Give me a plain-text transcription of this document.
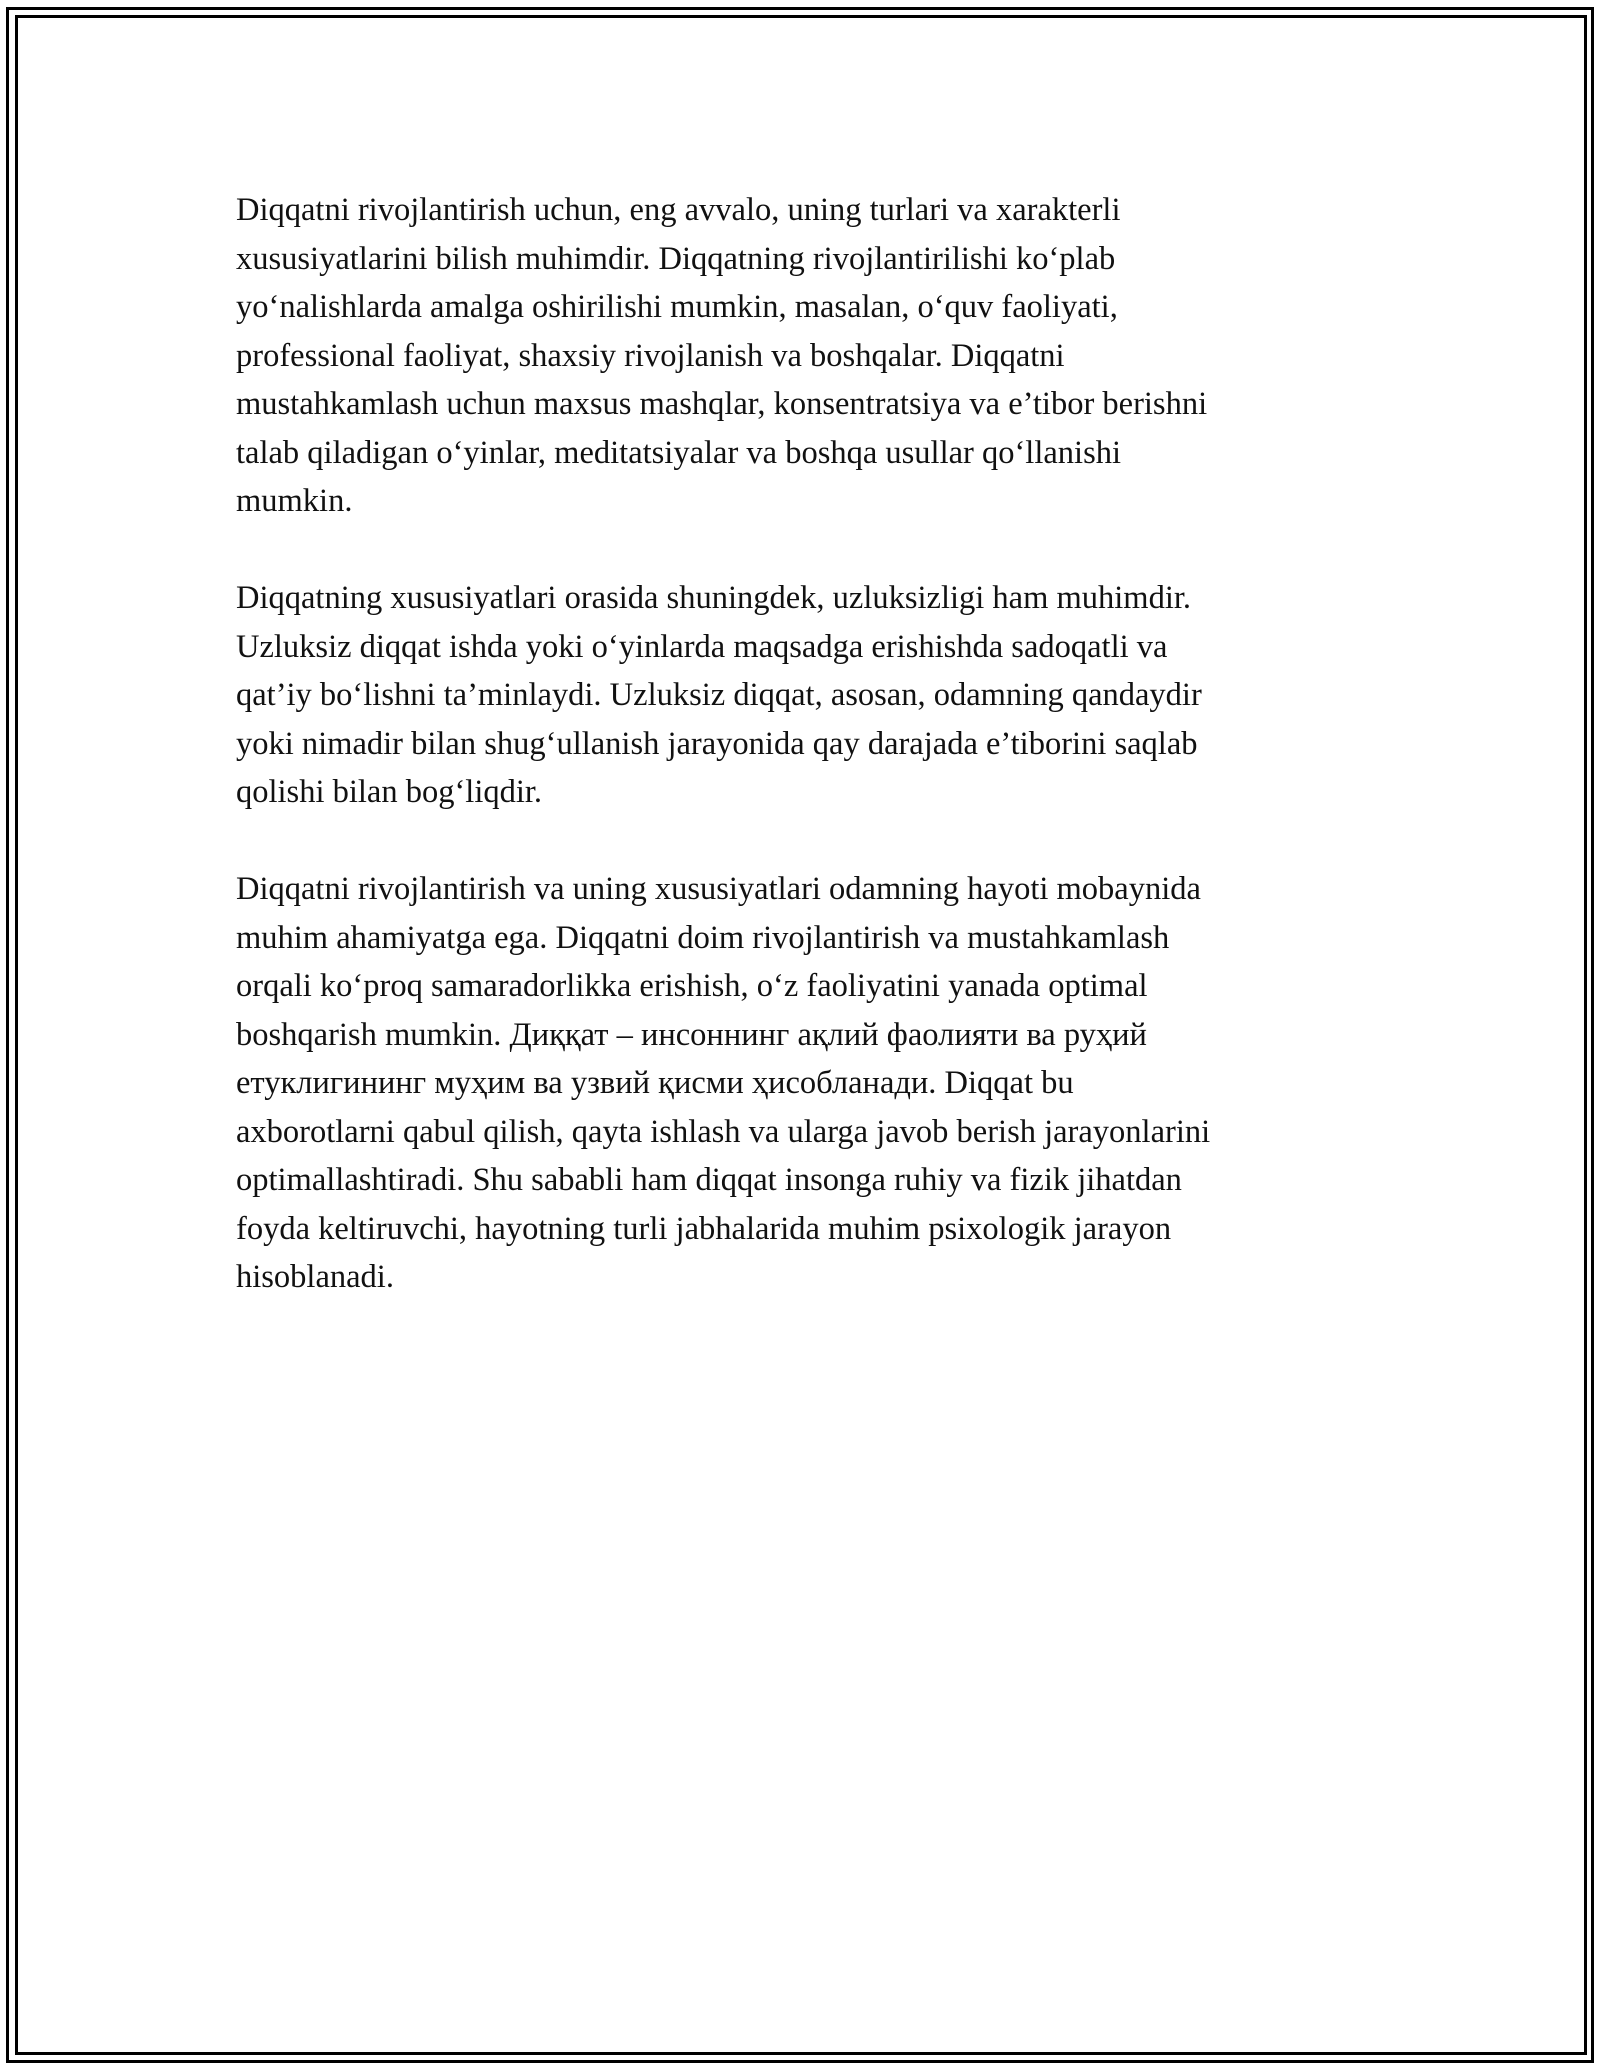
Diqqatni rivojlantirish uchun, eng avvalo, uning turlari va xarakterli
xususiyatlarini bilish muhimdir. Diqqatning rivojlantirilishi ko‘plab
yo‘nalishlarda amalga oshirilishi mumkin, masalan, o‘quv faoliyati,
professional faoliyat, shaxsiy rivojlanish va boshqalar. Diqqatni
mustahkamlash uchun maxsus mashqlar, konsentratsiya va e’tibor berishni
talab qiladigan o‘yinlar, meditatsiyalar va boshqa usullar qo‘llanishi
mumkin.

Diqqatning xususiyatlari orasida shuningdek, uzluksizligi ham muhimdir.
Uzluksiz diqqat ishda yoki o‘yinlarda maqsadga erishishda sadoqatli va
qat’iy bo‘lishni ta’minlaydi. Uzluksiz diqqat, asosan, odamning qandaydir
yoki nimadir bilan shug‘ullanish jarayonida qay darajada e’tiborini saqlab
qolishi bilan bog‘liqdir.

Diqqatni rivojlantirish va uning xususiyatlari odamning hayoti mobaynida
muhim ahamiyatga ega. Diqqatni doim rivojlantirish va mustahkamlash
orqali ko‘proq samaradorlikka erishish, o‘z faoliyatini yanada optimal
boshqarish mumkin. Диққат – инсоннинг ақлий фаолияти ва руҳий
етуклигининг муҳим ва узвий қисми ҳисобланади. Diqqat bu
axborotlarni qabul qilish, qayta ishlash va ularga javob berish jarayonlarini
optimallashtiradi. Shu sababli ham diqqat insonga ruhiy va fizik jihatdan
foyda keltiruvchi, hayotning turli jabhalarida muhim psixologik jarayon
hisoblanadi.
